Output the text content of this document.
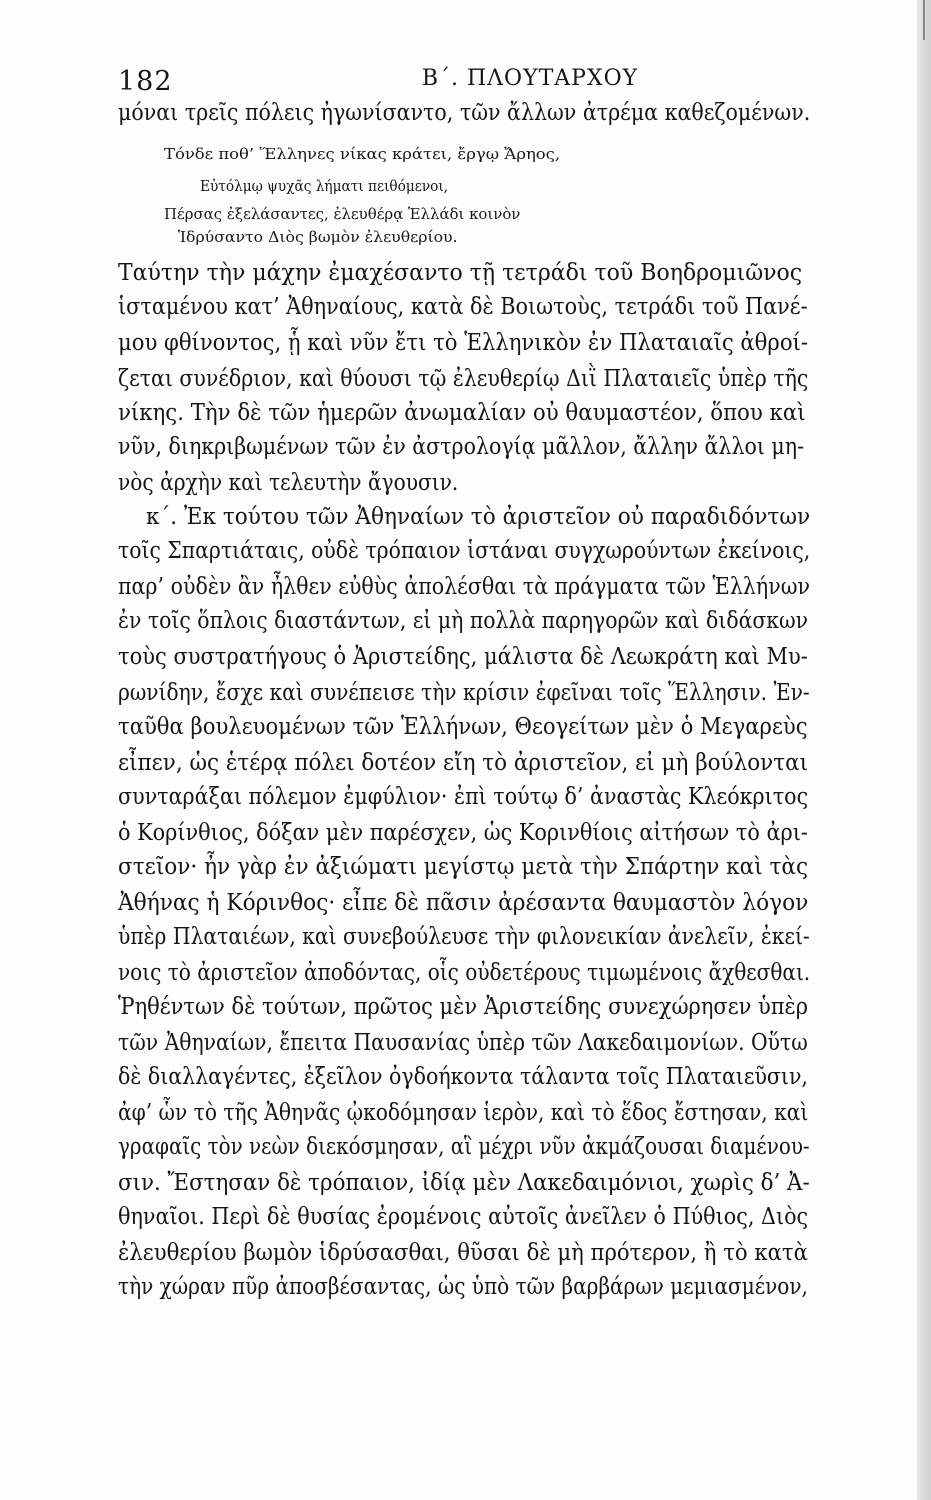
182	Β΄. ΠΛΟΥΤΑΡΧΟΥ
μόναι τρεῖς πόλεις ἠγωνίσαντο, τῶν ἄλλων ἀτρέμα καθεζομένων.
Τόνδε ποθ’ Ἕλληνες νίκας κράτει, ἔργῳ Ἄρηος,
Εὐτόλμῳ ψυχᾶς λήματι πειθόμενοι,
Πέρσας ἐξελάσαντες, ἐλευθέρᾳ Ἑλλάδι κοινὸν
Ἱδρύσαντο Διὸς βωμὸν ἐλευθερίου.
Ταύτην τὴν μάχην ἐμαχέσαντο τῇ τετράδι τοῦ Βοηδρομιῶνος
ἱσταμένου κατ’ Ἀθηναίους, κατὰ δὲ Βοιωτοὺς, τετράδι τοῦ Πανέ-
μου φθίνοντος, ᾗ καὶ νῦν ἔτι τὸ Ἑλληνικὸν ἐν Πλαταιαῖς ἀθροί-
ζεται συνέδριον, καὶ θύουσι τῷ ἐλευθερίῳ Διῒ Πλαταιεῖς ὑπὲρ τῆς
νίκης. Τὴν δὲ τῶν ἡμερῶν ἀνωμαλίαν οὐ θαυμαστέον, ὅπου καὶ
νῦν, διηκριβωμένων τῶν ἐν ἀστρολογίᾳ μᾶλλον, ἄλλην ἄλλοι μη-
νὸς ἀρχὴν καὶ τελευτὴν ἄγουσιν.
κ΄. Ἐκ τούτου τῶν Ἀθηναίων τὸ ἀριστεῖον οὐ παραδιδόντων
τοῖς Σπαρτιάταις, οὐδὲ τρόπαιον ἱστάναι συγχωρούντων ἐκείνοις,
παρ’ οὐδὲν ἂν ἦλθεν εὐθὺς ἀπολέσθαι τὰ πράγματα τῶν Ἑλλήνων
ἐν τοῖς ὅπλοις διαστάντων, εἰ μὴ πολλὰ παρηγορῶν καὶ διδάσκων
τοὺς συστρατήγους ὁ Ἀριστείδης, μάλιστα δὲ Λεωκράτη καὶ Μυ-
ρωνίδην, ἔσχε καὶ συνέπεισε τὴν κρίσιν ἐφεῖναι τοῖς Ἕλλησιν. Ἐν-
ταῦθα βουλευομένων τῶν Ἑλλήνων, Θεογείτων μὲν ὁ Μεγαρεὺς
εἶπεν, ὡς ἑτέρᾳ πόλει δοτέον εἴη τὸ ἀριστεῖον, εἰ μὴ βούλονται
συνταράξαι πόλεμον ἐμφύλιον· ἐπὶ τούτῳ δ’ ἀναστὰς Κλεόκριτος
ὁ Κορίνθιος, δόξαν μὲν παρέσχεν, ὡς Κορινθίοις αἰτήσων τὸ ἀρι-
στεῖον· ἦν γὰρ ἐν ἀξιώματι μεγίστῳ μετὰ τὴν Σπάρτην καὶ τὰς
Ἀθήνας ἡ Κόρινθος· εἶπε δὲ πᾶσιν ἀρέσαντα θαυμαστὸν λόγον
ὑπὲρ Πλαταιέων, καὶ συνεβούλευσε τὴν φιλονεικίαν ἀνελεῖν, ἐκεί-
νοις τὸ ἀριστεῖον ἀποδόντας, οἷς οὐδετέρους τιμωμένοις ἄχθεσθαι.
Ῥηθέντων δὲ τούτων, πρῶτος μὲν Ἀριστείδης συνεχώρησεν ὑπὲρ
τῶν Ἀθηναίων, ἔπειτα Παυσανίας ὑπὲρ τῶν Λακεδαιμονίων. Οὕτω
δὲ διαλλαγέντες, ἐξεῖλον ὀγδοήκοντα τάλαντα τοῖς Πλαταιεῦσιν,
ἀφ’ ὧν τὸ τῆς Ἀθηνᾶς ᾠκοδόμησαν ἱερὸν, καὶ τὸ ἕδος ἔστησαν, καὶ
γραφαῖς τὸν νεὼν διεκόσμησαν, αἳ μέχρι νῦν ἀκμάζουσαι διαμένου-
σιν. Ἔστησαν δὲ τρόπαιον, ἰδίᾳ μὲν Λακεδαιμόνιοι, χωρὶς δ’ Ἀ-
θηναῖοι. Περὶ δὲ θυσίας ἐρομένοις αὐτοῖς ἀνεῖλεν ὁ Πύθιος, Διὸς
ἐλευθερίου βωμὸν ἱδρύσασθαι, θῦσαι δὲ μὴ πρότερον, ἢ τὸ κατὰ
τὴν χώραν πῦρ ἀποσβέσαντας, ὡς ὑπὸ τῶν βαρβάρων μεμιασμένον,
